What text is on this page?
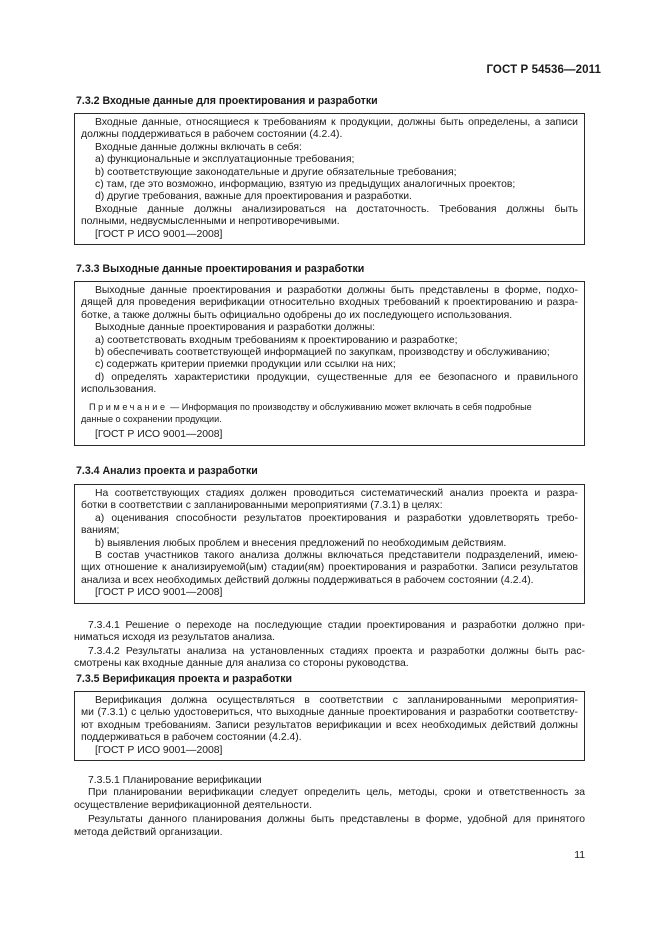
ГОСТ Р 54536—2011
7.3.2 Входные данные для проектирования и разработки
Входные данные, относящиеся к требованиям к продукции, должны быть определены, а записи
должны поддерживаться в рабочем состоянии (4.2.4).
Входные данные должны включать в себя:
a) функциональные и эксплуатационные требования;
b) соответствующие законодательные и другие обязательные требования;
c) там, где это возможно, информацию, взятую из предыдущих аналогичных проектов;
d) другие требования, важные для проектирования и разработки.
Входные данные должны анализироваться на достаточность. Требования должны быть
полными, недвусмысленными и непротиворечивыми.
[ГОСТ Р ИСО 9001—2008]
7.3.3 Выходные данные проектирования и разработки
Выходные данные проектирования и разработки должны быть представлены в форме, подхо-
дящей для проведения верификации относительно входных требований к проектированию и разра-
ботке, а также должны быть официально одобрены до их последующего использования.
Выходные данные проектирования и разработки должны:
a) соответствовать входным требованиям к проектированию и разработке;
b) обеспечивать соответствующей информацией по закупкам, производству и обслуживанию;
c) содержать критерии приемки продукции или ссылки на них;
d) определять характеристики продукции, существенные для ее безопасного и правильного
использования.
Примечание — Информация по производству и обслуживанию может включать в себя подробные
данные о сохранении продукции.
[ГОСТ Р ИСО 9001—2008]
7.3.4 Анализ проекта и разработки
На соответствующих стадиях должен проводиться систематический анализ проекта и разра-
ботки в соответствии с запланированными мероприятиями (7.3.1) в целях:
a) оценивания способности результатов проектирования и разработки удовлетворять требо-
ваниям;
b) выявления любых проблем и внесения предложений по необходимым действиям.
В состав участников такого анализа должны включаться представители подразделений, имею-
щих отношение к анализируемой(ым) стадии(ям) проектирования и разработки. Записи результатов
анализа и всех необходимых действий должны поддерживаться в рабочем состоянии (4.2.4).
[ГОСТ Р ИСО 9001—2008]
7.3.4.1 Решение о переходе на последующие стадии проектирования и разработки должно при-
ниматься исходя из результатов анализа.
7.3.4.2 Результаты анализа на установленных стадиях проекта и разработки должны быть рас-
смотрены как входные данные для анализа со стороны руководства.
7.3.5 Верификация проекта и разработки
Верификация должна осуществляться в соответствии с запланированными мероприятия-
ми (7.3.1) с целью удостовериться, что выходные данные проектирования и разработки соответству-
ют входным требованиям. Записи результатов верификации и всех необходимых действий должны
поддерживаться в рабочем состоянии (4.2.4).
[ГОСТ Р ИСО 9001—2008]
7.3.5.1 Планирование верификации
При планировании верификации следует определить цель, методы, сроки и ответственность за
осуществление верификационной деятельности.
Результаты данного планирования должны быть представлены в форме, удобной для принятого
метода действий организации.
11
